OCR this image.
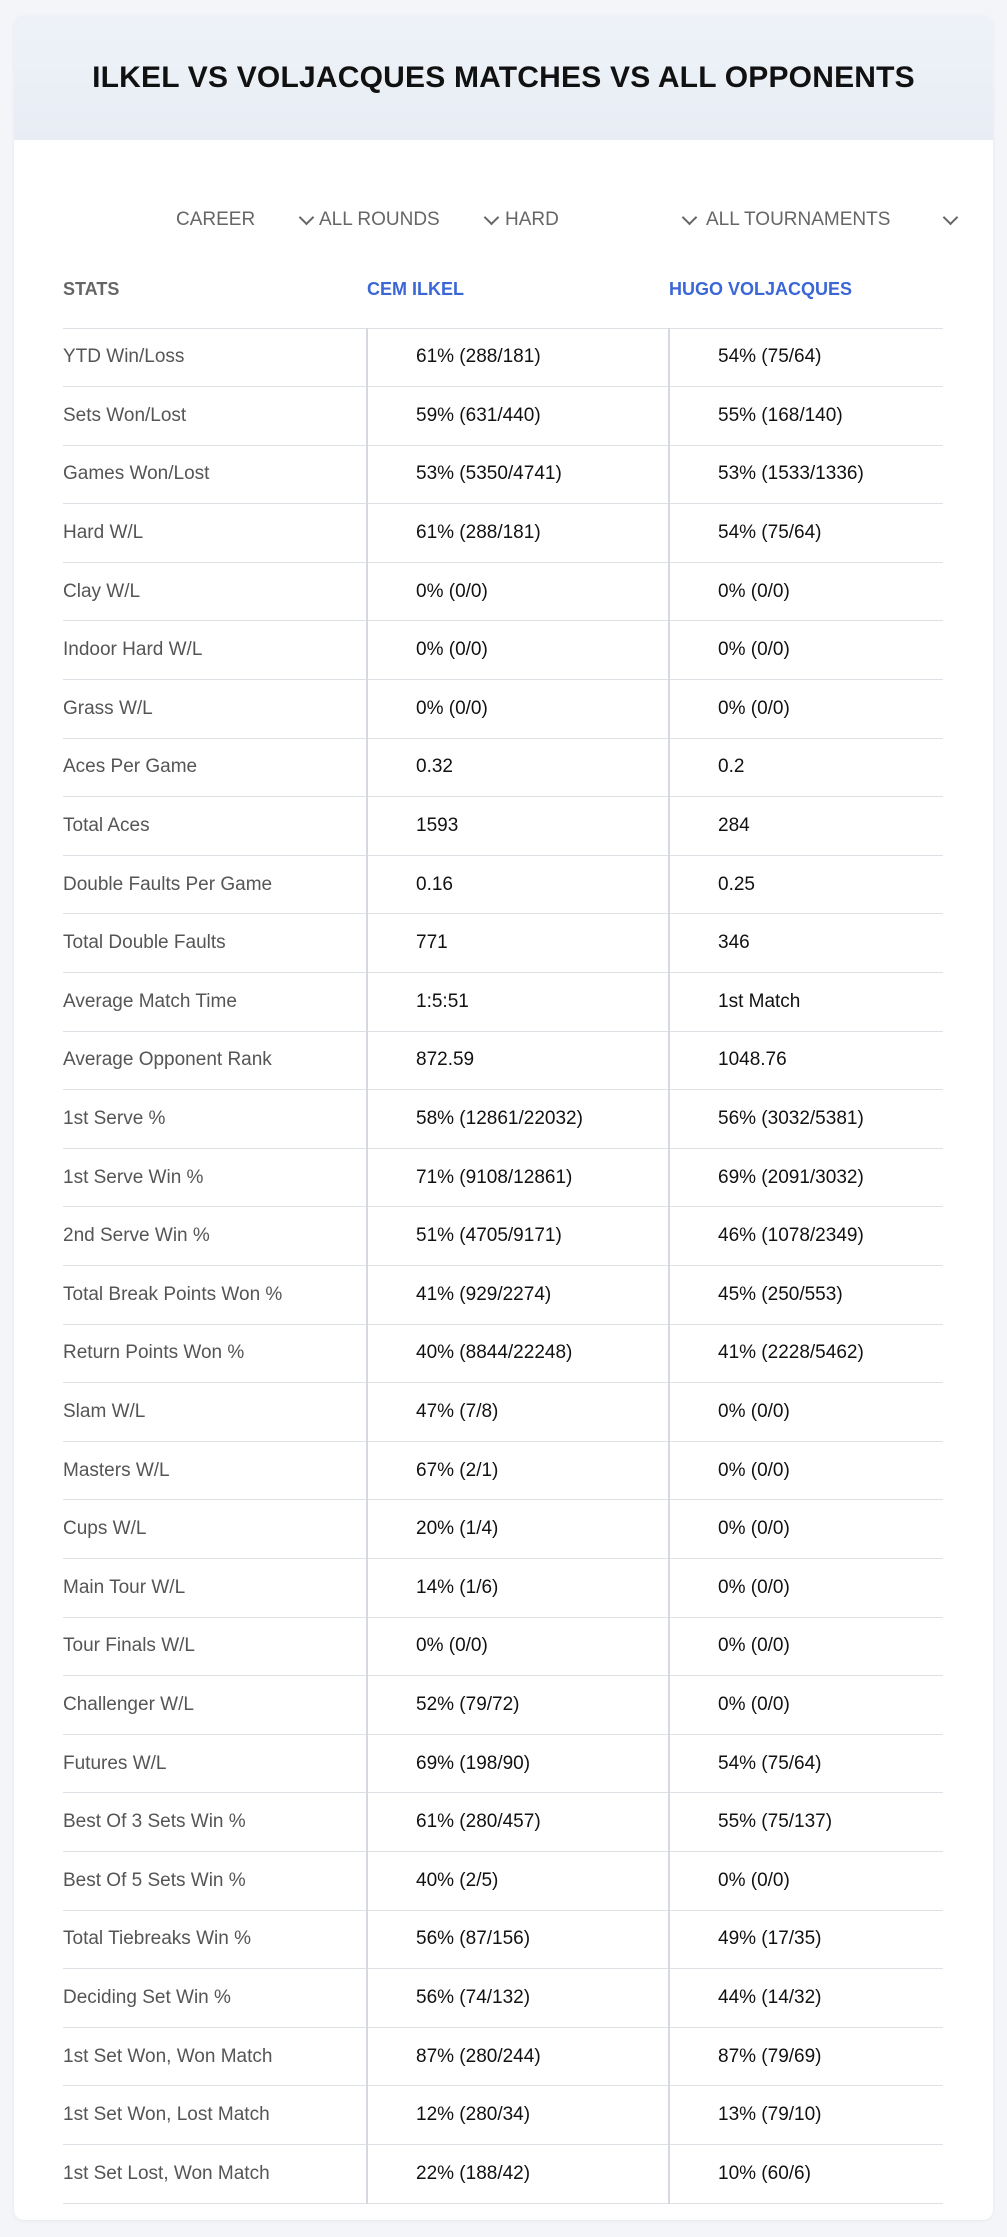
ILKEL VS VOLJACQUES MATCHES VS ALL OPPONENTS
CAREER	ALL ROUNDS	HARD	ALL TOURNAMENTS
STATS	CEM ILKEL	HUGO VOLJACQUES
YTD Win/Loss	61% (288/181)	54% (75/64)
Sets Won/Lost	59% (631/440)	55% (168/140)
Games Won/Lost	53% (5350/4741)	53% (1533/1336)
Hard W/L	61% (288/181)	54% (75/64)
Clay W/L	0% (0/0)	0% (0/0)
Indoor Hard W/L	0% (0/0)	0% (0/0)
Grass W/L	0% (0/0)	0% (0/0)
Aces Per Game	0.32	0.2
Total Aces	1593	284
Double Faults Per Game	0.16	0.25
Total Double Faults	771	346
Average Match Time	1:5:51	1st Match
Average Opponent Rank	872.59	1048.76
1st Serve %	58% (12861/22032)	56% (3032/5381)
1st Serve Win %	71% (9108/12861)	69% (2091/3032)
2nd Serve Win %	51% (4705/9171)	46% (1078/2349)
Total Break Points Won %	41% (929/2274)	45% (250/553)
Return Points Won %	40% (8844/22248)	41% (2228/5462)
Slam W/L	47% (7/8)	0% (0/0)
Masters W/L	67% (2/1)	0% (0/0)
Cups W/L	20% (1/4)	0% (0/0)
Main Tour W/L	14% (1/6)	0% (0/0)
Tour Finals W/L	0% (0/0)	0% (0/0)
Challenger W/L	52% (79/72)	0% (0/0)
Futures W/L	69% (198/90)	54% (75/64)
Best Of 3 Sets Win %	61% (280/457)	55% (75/137)
Best Of 5 Sets Win %	40% (2/5)	0% (0/0)
Total Tiebreaks Win %	56% (87/156)	49% (17/35)
Deciding Set Win %	56% (74/132)	44% (14/32)
1st Set Won, Won Match	87% (280/244)	87% (79/69)
1st Set Won, Lost Match	12% (280/34)	13% (79/10)
1st Set Lost, Won Match	22% (188/42)	10% (60/6)
